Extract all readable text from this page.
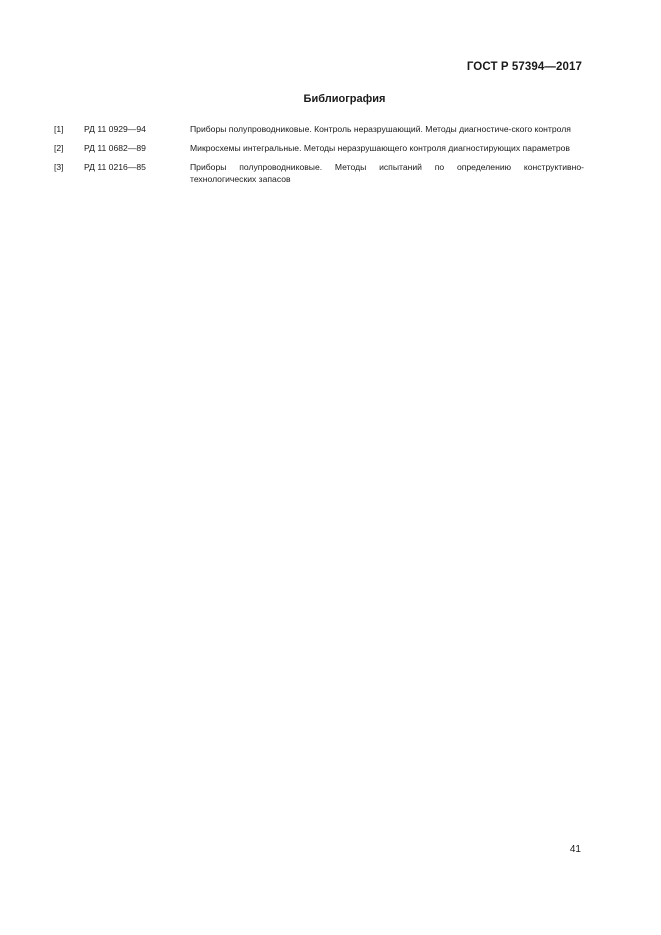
ГОСТ Р 57394—2017
Библиография
[1]	РД 11 0929—94	Приборы полупроводниковые. Контроль неразрушающий. Методы диагностиче-ского контроля
[2]	РД 11 0682—89	Микросхемы интегральные. Методы неразрушающего контроля диагностирующих параметров
[3]	РД 11 0216—85	Приборы полупроводниковые. Методы испытаний по определению конструктивно-технологических запасов
41
